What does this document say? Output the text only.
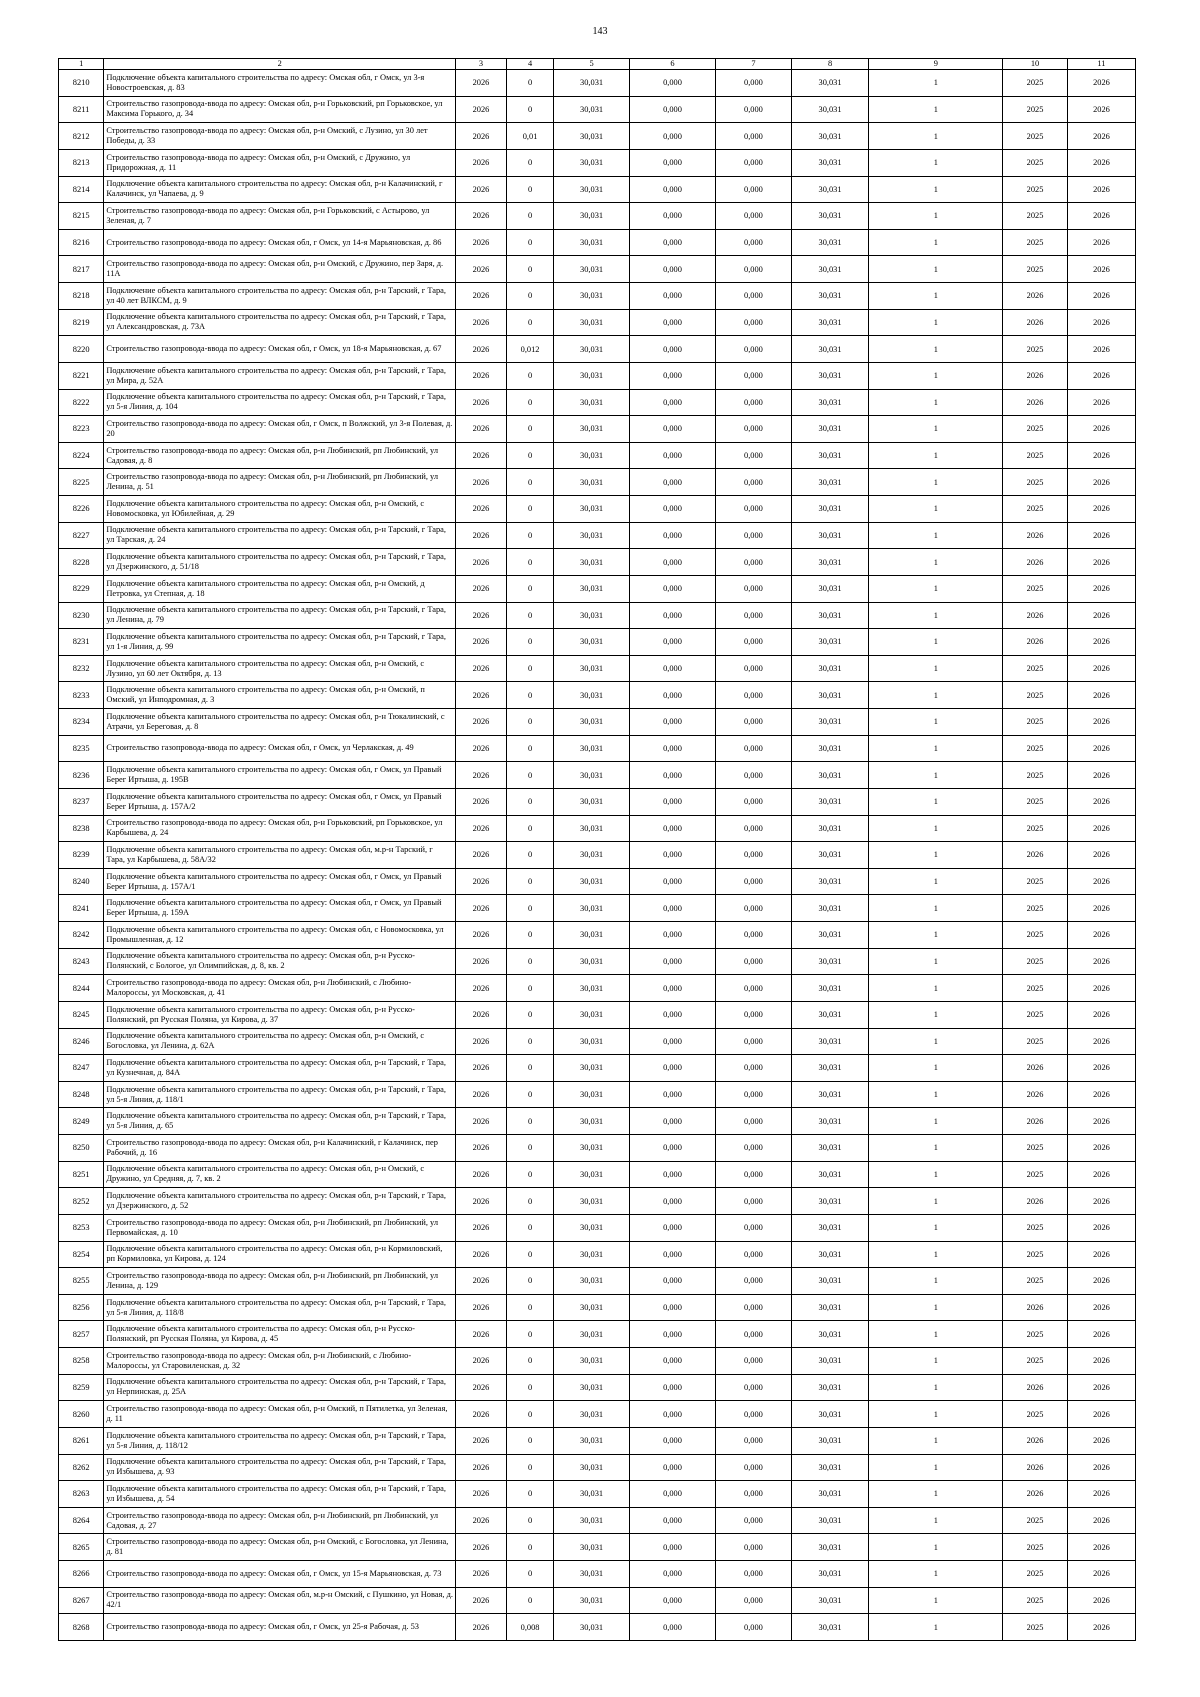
143
1	2	3	4	5	6	7	8	9	10	11
8210	Подключение объекта капитального строительства по адресу: Омская обл, г Омск, ул 3-я Новостроевская, д. 83	2026	0	30,031	0,000	0,000	30,031	1	2025	2026
8211	Строительство газопровода-ввода по адресу: Омская обл, р-н Горьковский, рп Горьковское, ул Максима Горького, д. 34	2026	0	30,031	0,000	0,000	30,031	1	2025	2026
8212	Строительство газопровода-ввода по адресу: Омская обл, р-н Омский, с Лузино, ул 30 лет Победы, д. 33	2026	0,01	30,031	0,000	0,000	30,031	1	2025	2026
8213	Строительство газопровода-ввода по адресу: Омская обл, р-н Омский, с Дружино, ул Придорожная, д. 11	2026	0	30,031	0,000	0,000	30,031	1	2025	2026
8214	Подключение объекта капитального строительства по адресу: Омская обл, р-н Калачинский, г Калачинск, ул Чапаева, д. 9	2026	0	30,031	0,000	0,000	30,031	1	2025	2026
8215	Строительство газопровода-ввода по адресу: Омская обл, р-н Горьковский, с Астырово, ул Зеленая, д. 7	2026	0	30,031	0,000	0,000	30,031	1	2025	2026
8216	Строительство газопровода-ввода по адресу: Омская обл, г Омск, ул 14-я Марьяновская, д. 86	2026	0	30,031	0,000	0,000	30,031	1	2025	2026
8217	Строительство газопровода-ввода по адресу: Омская обл, р-н Омский, с Дружино, пер Заря, д. 11А	2026	0	30,031	0,000	0,000	30,031	1	2025	2026
8218	Подключение объекта капитального строительства по адресу: Омская обл, р-н Тарский, г Тара, ул 40 лет ВЛКСМ, д. 9	2026	0	30,031	0,000	0,000	30,031	1	2026	2026
8219	Подключение объекта капитального строительства по адресу: Омская обл, р-н Тарский, г Тара, ул Александровская, д. 73А	2026	0	30,031	0,000	0,000	30,031	1	2026	2026
8220	Строительство газопровода-ввода по адресу: Омская обл, г Омск, ул 18-я Марьяновская, д. 67	2026	0,012	30,031	0,000	0,000	30,031	1	2025	2026
8221	Подключение объекта капитального строительства по адресу: Омская обл, р-н Тарский, г Тара, ул Мира, д. 52А	2026	0	30,031	0,000	0,000	30,031	1	2026	2026
8222	Подключение объекта капитального строительства по адресу: Омская обл, р-н Тарский, г Тара, ул 5-я Линия, д. 104	2026	0	30,031	0,000	0,000	30,031	1	2026	2026
8223	Строительство газопровода-ввода по адресу: Омская обл, г Омск, п Волжский, ул 3-я Полевая, д. 20	2026	0	30,031	0,000	0,000	30,031	1	2025	2026
8224	Строительство газопровода-ввода по адресу: Омская обл, р-н Любинский, рп Любинский, ул Садовая, д. 8	2026	0	30,031	0,000	0,000	30,031	1	2025	2026
8225	Строительство газопровода-ввода по адресу: Омская обл, р-н Любинский, рп Любинский, ул Ленина, д. 51	2026	0	30,031	0,000	0,000	30,031	1	2025	2026
8226	Подключение объекта капитального строительства по адресу: Омская обл, р-н Омский, с Новомосковка, ул Юбилейная, д. 29	2026	0	30,031	0,000	0,000	30,031	1	2025	2026
8227	Подключение объекта капитального строительства по адресу: Омская обл, р-н Тарский, г Тара, ул Тарская, д. 24	2026	0	30,031	0,000	0,000	30,031	1	2026	2026
8228	Подключение объекта капитального строительства по адресу: Омская обл, р-н Тарский, г Тара, ул Дзержинского, д. 51/18	2026	0	30,031	0,000	0,000	30,031	1	2026	2026
8229	Подключение объекта капитального строительства по адресу: Омская обл, р-н Омский, д Петровка, ул Степная, д. 18	2026	0	30,031	0,000	0,000	30,031	1	2025	2026
8230	Подключение объекта капитального строительства по адресу: Омская обл, р-н Тарский, г Тара, ул Ленина, д. 79	2026	0	30,031	0,000	0,000	30,031	1	2026	2026
8231	Подключение объекта капитального строительства по адресу: Омская обл, р-н Тарский, г Тара, ул 1-я Линия, д. 99	2026	0	30,031	0,000	0,000	30,031	1	2026	2026
8232	Подключение объекта капитального строительства по адресу: Омская обл, р-н Омский, с Лузино, ул 60 лет Октября, д. 13	2026	0	30,031	0,000	0,000	30,031	1	2025	2026
8233	Подключение объекта капитального строительства по адресу: Омская обл, р-н Омский, п Омский, ул Инподромная, д. 3	2026	0	30,031	0,000	0,000	30,031	1	2025	2026
8234	Подключение объекта капитального строительства по адресу: Омская обл, р-н Тюкалинский, с Атрачи, ул Береговая, д. 8	2026	0	30,031	0,000	0,000	30,031	1	2025	2026
8235	Строительство газопровода-ввода по адресу: Омская обл, г Омск, ул Черлакская, д. 49	2026	0	30,031	0,000	0,000	30,031	1	2025	2026
8236	Подключение объекта капитального строительства по адресу: Омская обл, г Омск, ул Правый Берег Иртыша, д. 195В	2026	0	30,031	0,000	0,000	30,031	1	2025	2026
8237	Подключение объекта капитального строительства по адресу: Омская обл, г Омск, ул Правый Берег Иртыша, д. 157А/2	2026	0	30,031	0,000	0,000	30,031	1	2025	2026
8238	Строительство газопровода-ввода по адресу: Омская обл, р-н Горьковский, рп Горьковское, ул Карбышева, д. 24	2026	0	30,031	0,000	0,000	30,031	1	2025	2026
8239	Подключение объекта капитального строительства по адресу: Омская обл, м.р-н Тарский, г Тара, ул Карбышева, д. 58А/32	2026	0	30,031	0,000	0,000	30,031	1	2026	2026
8240	Подключение объекта капитального строительства по адресу: Омская обл, г Омск, ул Правый Берег Иртыша, д. 157А/1	2026	0	30,031	0,000	0,000	30,031	1	2025	2026
8241	Подключение объекта капитального строительства по адресу: Омская обл, г Омск, ул Правый Берег Иртыша, д. 159А	2026	0	30,031	0,000	0,000	30,031	1	2025	2026
8242	Подключение объекта капитального строительства по адресу: Омская обл, с Новомосковка, ул Промышленная, д. 12	2026	0	30,031	0,000	0,000	30,031	1	2025	2026
8243	Подключение объекта капитального строительства по адресу: Омская обл, р-н Русско-Полянский, с Бологое, ул Олимпийская, д. 8, кв. 2	2026	0	30,031	0,000	0,000	30,031	1	2025	2026
8244	Строительство газопровода-ввода по адресу: Омская обл, р-н Любинский, с Любино-Малороссы, ул Московская, д. 41	2026	0	30,031	0,000	0,000	30,031	1	2025	2026
8245	Подключение объекта капитального строительства по адресу: Омская обл, р-н Русско-Полянский, рп Русская Поляна, ул Кирова, д. 37	2026	0	30,031	0,000	0,000	30,031	1	2025	2026
8246	Подключение объекта капитального строительства по адресу: Омская обл, р-н Омский, с Богословка, ул Ленина, д. 62А	2026	0	30,031	0,000	0,000	30,031	1	2025	2026
8247	Подключение объекта капитального строительства по адресу: Омская обл, р-н Тарский, г Тара, ул Кузнечная, д. 84А	2026	0	30,031	0,000	0,000	30,031	1	2026	2026
8248	Подключение объекта капитального строительства по адресу: Омская обл, р-н Тарский, г Тара, ул 5-я Линия, д. 118/1	2026	0	30,031	0,000	0,000	30,031	1	2026	2026
8249	Подключение объекта капитального строительства по адресу: Омская обл, р-н Тарский, г Тара, ул 5-я Линия, д. 65	2026	0	30,031	0,000	0,000	30,031	1	2026	2026
8250	Строительство газопровода-ввода по адресу: Омская обл, р-н Калачинский, г Калачинск, пер Рабочий, д. 16	2026	0	30,031	0,000	0,000	30,031	1	2025	2026
8251	Подключение объекта капитального строительства по адресу: Омская обл, р-н Омский, с Дружино, ул Средняя, д. 7, кв. 2	2026	0	30,031	0,000	0,000	30,031	1	2025	2026
8252	Подключение объекта капитального строительства по адресу: Омская обл, р-н Тарский, г Тара, ул Дзержинского, д. 52	2026	0	30,031	0,000	0,000	30,031	1	2026	2026
8253	Строительство газопровода-ввода по адресу: Омская обл, р-н Любинский, рп Любинский, ул Первомайская, д. 10	2026	0	30,031	0,000	0,000	30,031	1	2025	2026
8254	Подключение объекта капитального строительства по адресу: Омская обл, р-н Кормиловский, рп Кормиловка, ул Кирова, д. 124	2026	0	30,031	0,000	0,000	30,031	1	2025	2026
8255	Строительство газопровода-ввода по адресу: Омская обл, р-н Любинский, рп Любинский, ул Ленина, д. 129	2026	0	30,031	0,000	0,000	30,031	1	2025	2026
8256	Подключение объекта капитального строительства по адресу: Омская обл, р-н Тарский, г Тара, ул 5-я Линия, д. 118/8	2026	0	30,031	0,000	0,000	30,031	1	2026	2026
8257	Подключение объекта капитального строительства по адресу: Омская обл, р-н Русско-Полянский, рп Русская Поляна, ул Кирова, д. 45	2026	0	30,031	0,000	0,000	30,031	1	2025	2026
8258	Строительство газопровода-ввода по адресу: Омская обл, р-н Любинский, с Любино-Малороссы, ул Старовиленская, д. 32	2026	0	30,031	0,000	0,000	30,031	1	2025	2026
8259	Подключение объекта капитального строительства по адресу: Омская обл, р-н Тарский, г Тара, ул Нерпинская, д. 25А	2026	0	30,031	0,000	0,000	30,031	1	2026	2026
8260	Строительство газопровода-ввода по адресу: Омская обл, р-н Омский, п Пятилетка, ул Зеленая, д. 11	2026	0	30,031	0,000	0,000	30,031	1	2025	2026
8261	Подключение объекта капитального строительства по адресу: Омская обл, р-н Тарский, г Тара, ул 5-я Линия, д. 118/12	2026	0	30,031	0,000	0,000	30,031	1	2026	2026
8262	Подключение объекта капитального строительства по адресу: Омская обл, р-н Тарский, г Тара, ул Избышева, д. 93	2026	0	30,031	0,000	0,000	30,031	1	2026	2026
8263	Подключение объекта капитального строительства по адресу: Омская обл, р-н Тарский, г Тара, ул Избышева, д. 54	2026	0	30,031	0,000	0,000	30,031	1	2026	2026
8264	Строительство газопровода-ввода по адресу: Омская обл, р-н Любинский, рп Любинский, ул Садовая, д. 27	2026	0	30,031	0,000	0,000	30,031	1	2025	2026
8265	Строительство газопровода-ввода по адресу: Омская обл, р-н Омский, с Богословка, ул Ленина, д. 81	2026	0	30,031	0,000	0,000	30,031	1	2025	2026
8266	Строительство газопровода-ввода по адресу: Омская обл, г Омск, ул 15-я Марьяновская, д. 73	2026	0	30,031	0,000	0,000	30,031	1	2025	2026
8267	Строительство газопровода-ввода по адресу: Омская обл, м.р-н Омский, с Пушкино, ул Новая, д. 42/1	2026	0	30,031	0,000	0,000	30,031	1	2025	2026
8268	Строительство газопровода-ввода по адресу: Омская обл, г Омск, ул 25-я Рабочая, д. 53	2026	0,008	30,031	0,000	0,000	30,031	1	2025	2026
